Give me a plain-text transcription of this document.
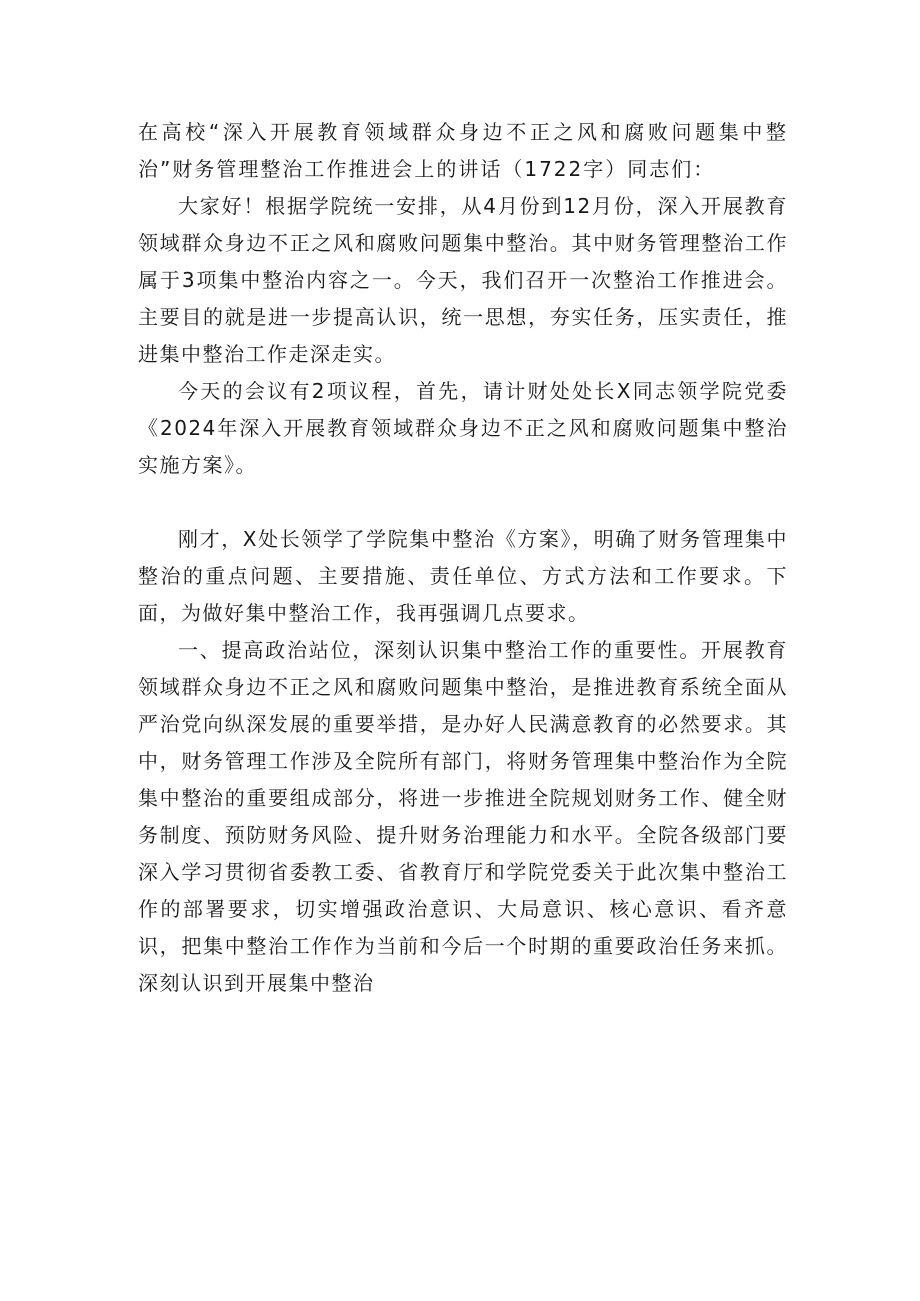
在高校“深入开展教育领域群众身边不正之风和腐败问题集中整治”财务管理整治工作推进会上的讲话（1722字）同志们：

大家好！根据学院统一安排，从4月份到12月份，深入开展教育领域群众身边不正之风和腐败问题集中整治。其中财务管理整治工作属于3项集中整治内容之一。今天，我们召开一次整治工作推进会。主要目的就是进一步提高认识，统一思想，夯实任务，压实责任，推进集中整治工作走深走实。

今天的会议有2项议程，首先，请计财处处长X同志领学院党委《2024年深入开展教育领域群众身边不正之风和腐败问题集中整治实施方案》。

刚才，X处长领学了学院集中整治《方案》，明确了财务管理集中整治的重点问题、主要措施、责任单位、方式方法和工作要求。下面，为做好集中整治工作，我再强调几点要求。

一、提高政治站位，深刻认识集中整治工作的重要性。开展教育领域群众身边不正之风和腐败问题集中整治，是推进教育系统全面从严治党向纵深发展的重要举措，是办好人民满意教育的必然要求。其中，财务管理工作涉及全院所有部门，将财务管理集中整治作为全院集中整治的重要组成部分，将进一步推进全院规划财务工作、健全财务制度、预防财务风险、提升财务治理能力和水平。全院各级部门要深入学习贯彻省委教工委、省教育厅和学院党委关于此次集中整治工作的部署要求，切实增强政治意识、大局意识、核心意识、看齐意识，把集中整治工作作为当前和今后一个时期的重要政治任务来抓。深刻认识到开展集中整治
